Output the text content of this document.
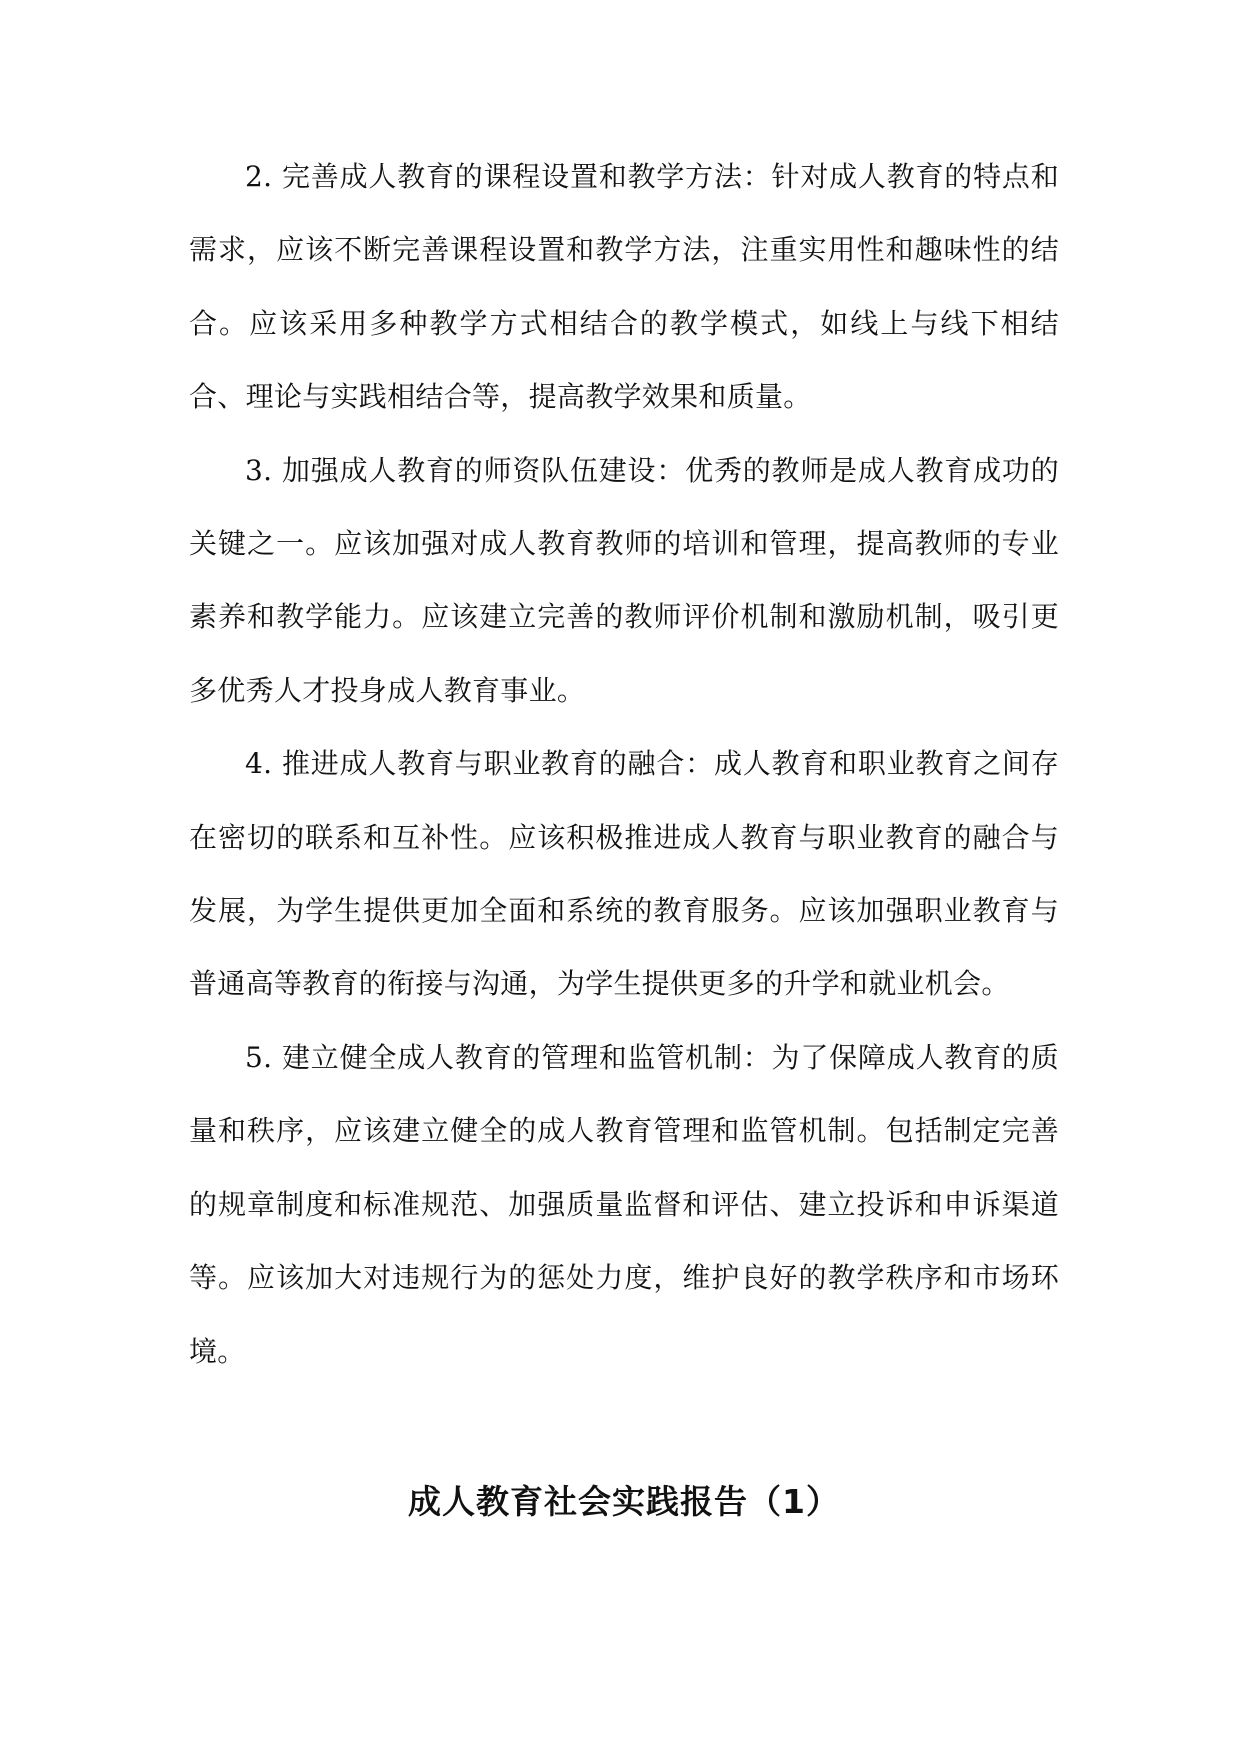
2. 完善成人教育的课程设置和教学方法：针对成人教育的特点和需求，应该不断完善课程设置和教学方法，注重实用性和趣味性的结合。应该采用多种教学方式相结合的教学模式，如线上与线下相结合、理论与实践相结合等，提高教学效果和质量。

3. 加强成人教育的师资队伍建设：优秀的教师是成人教育成功的关键之一。应该加强对成人教育教师的培训和管理，提高教师的专业素养和教学能力。应该建立完善的教师评价机制和激励机制，吸引更多优秀人才投身成人教育事业。

4. 推进成人教育与职业教育的融合：成人教育和职业教育之间存在密切的联系和互补性。应该积极推进成人教育与职业教育的融合与发展，为学生提供更加全面和系统的教育服务。应该加强职业教育与普通高等教育的衔接与沟通，为学生提供更多的升学和就业机会。

5. 建立健全成人教育的管理和监管机制：为了保障成人教育的质量和秩序，应该建立健全的成人教育管理和监管机制。包括制定完善的规章制度和标准规范、加强质量监督和评估、建立投诉和申诉渠道等。应该加大对违规行为的惩处力度，维护良好的教学秩序和市场环境。

成人教育社会实践报告（1）
